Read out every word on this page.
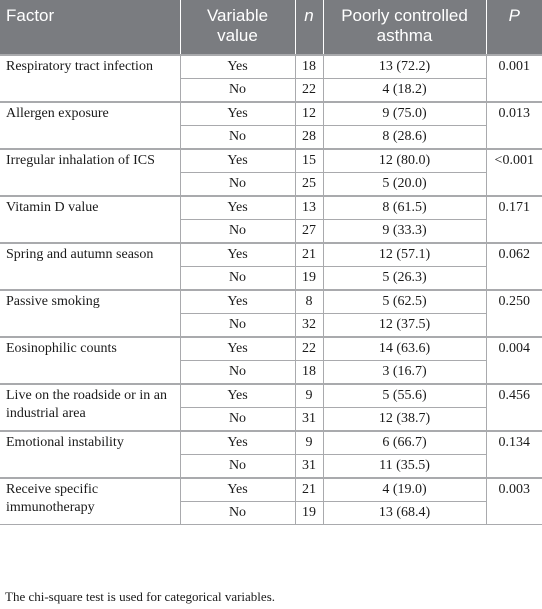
Factor	Variable value	n	Poorly controlled asthma	P
Respiratory tract infection	Yes	18	13 (72.2)	0.001
	No	22	4 (18.2)	
Allergen exposure	Yes	12	9 (75.0)	0.013
	No	28	8 (28.6)	
Irregular inhalation of ICS	Yes	15	12 (80.0)	<0.001
	No	25	5 (20.0)	
Vitamin D value	Yes	13	8 (61.5)	0.171
	No	27	9 (33.3)	
Spring and autumn season	Yes	21	12 (57.1)	0.062
	No	19	5 (26.3)	
Passive smoking	Yes	8	5 (62.5)	0.250
	No	32	12 (37.5)	
Eosinophilic counts	Yes	22	14 (63.6)	0.004
	No	18	3 (16.7)	
Live on the roadside or in an industrial area	Yes	9	5 (55.6)	0.456
	No	31	12 (38.7)	
Emotional instability	Yes	9	6 (66.7)	0.134
	No	31	11 (35.5)	
Receive specific immunotherapy	Yes	21	4 (19.0)	0.003
	No	19	13 (68.4)	
The chi-square test is used for categorical variables.
